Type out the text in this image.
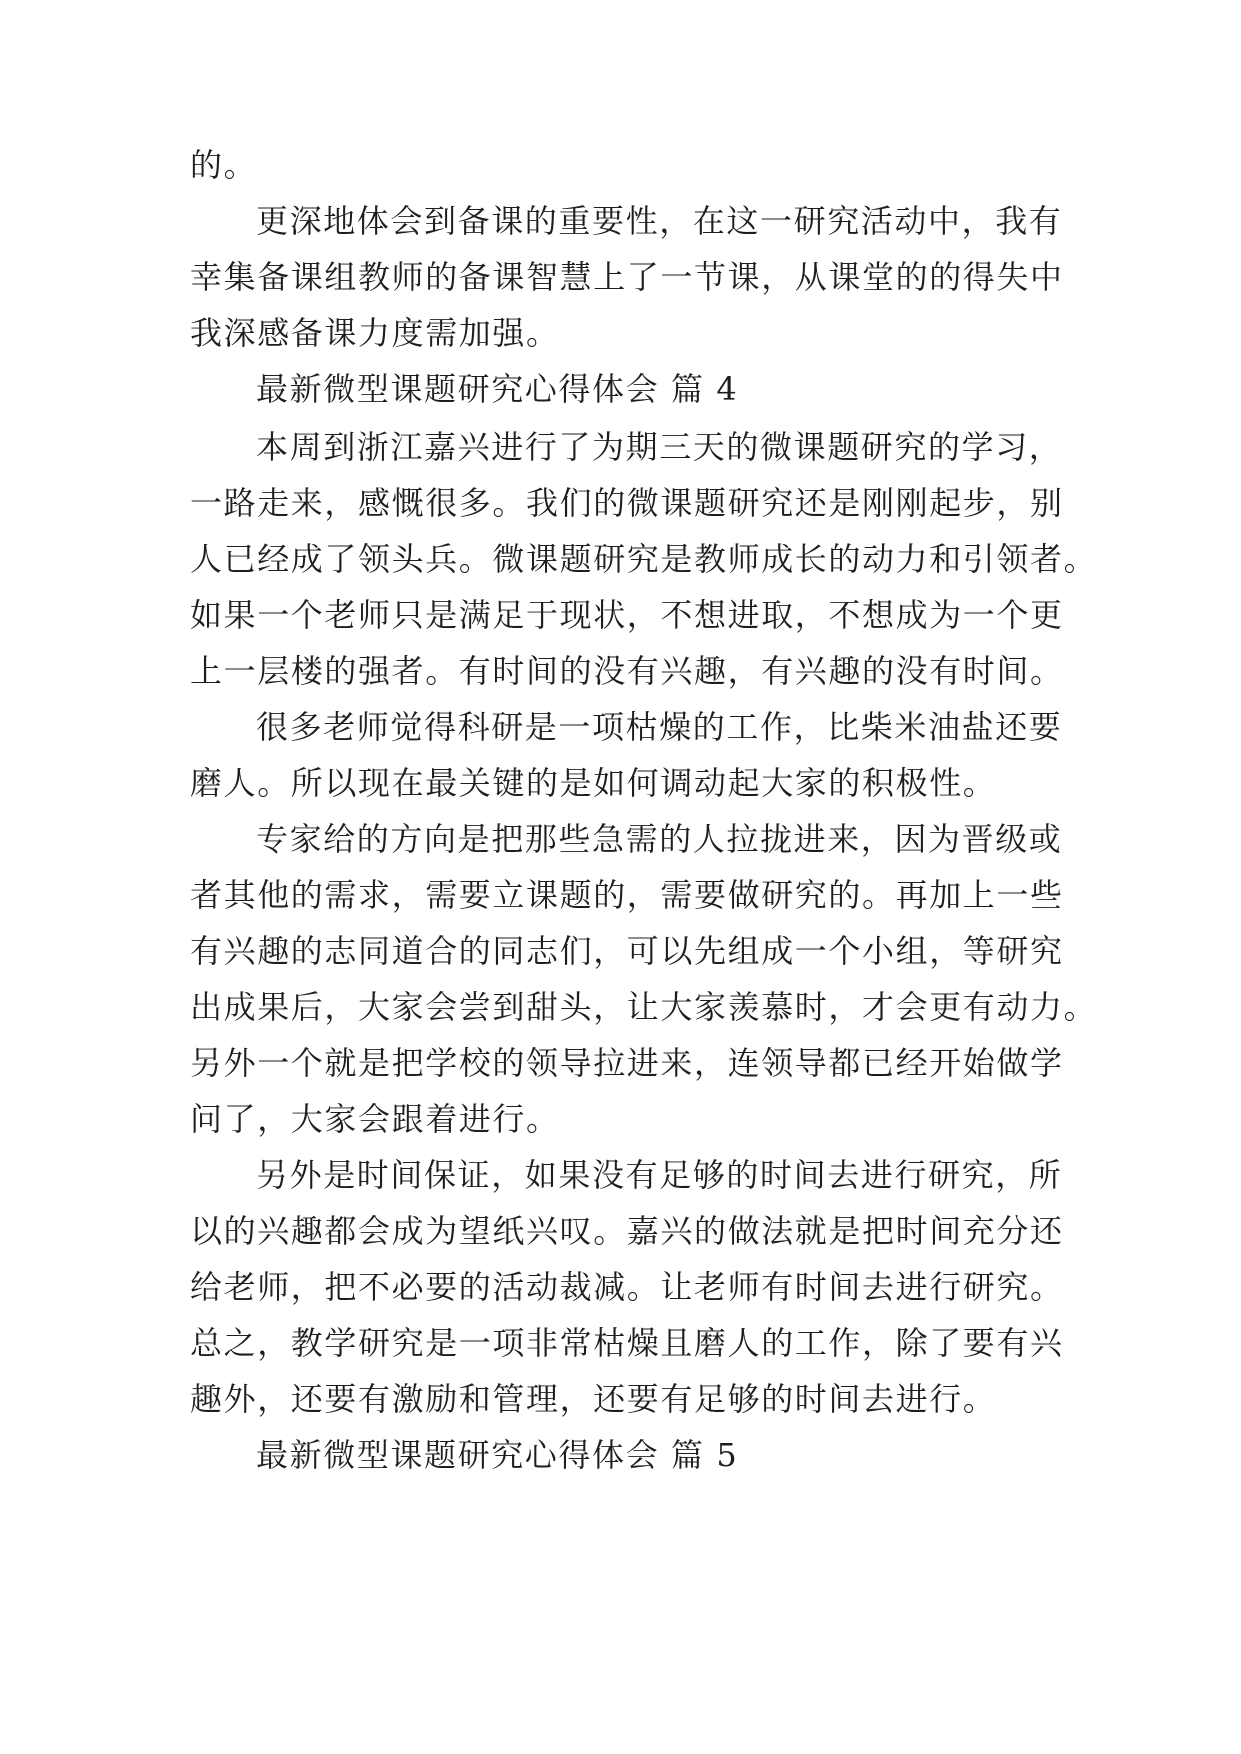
的。
更深地体会到备课的重要性，在这一研究活动中，我有
幸集备课组教师的备课智慧上了一节课，从课堂的的得失中
我深感备课力度需加强。
最新微型课题研究心得体会 篇 4
本周到浙江嘉兴进行了为期三天的微课题研究的学习，
一路走来，感慨很多。我们的微课题研究还是刚刚起步，别
人已经成了领头兵。微课题研究是教师成长的动力和引领者。
如果一个老师只是满足于现状，不想进取，不想成为一个更
上一层楼的强者。有时间的没有兴趣，有兴趣的没有时间。
很多老师觉得科研是一项枯燥的工作，比柴米油盐还要
磨人。所以现在最关键的是如何调动起大家的积极性。
专家给的方向是把那些急需的人拉拢进来，因为晋级或
者其他的需求，需要立课题的，需要做研究的。再加上一些
有兴趣的志同道合的同志们，可以先组成一个小组，等研究
出成果后，大家会尝到甜头，让大家羡慕时，才会更有动力。
另外一个就是把学校的领导拉进来，连领导都已经开始做学
问了，大家会跟着进行。
另外是时间保证，如果没有足够的时间去进行研究，所
以的兴趣都会成为望纸兴叹。嘉兴的做法就是把时间充分还
给老师，把不必要的活动裁减。让老师有时间去进行研究。
总之，教学研究是一项非常枯燥且磨人的工作，除了要有兴
趣外，还要有激励和管理，还要有足够的时间去进行。
最新微型课题研究心得体会 篇 5
